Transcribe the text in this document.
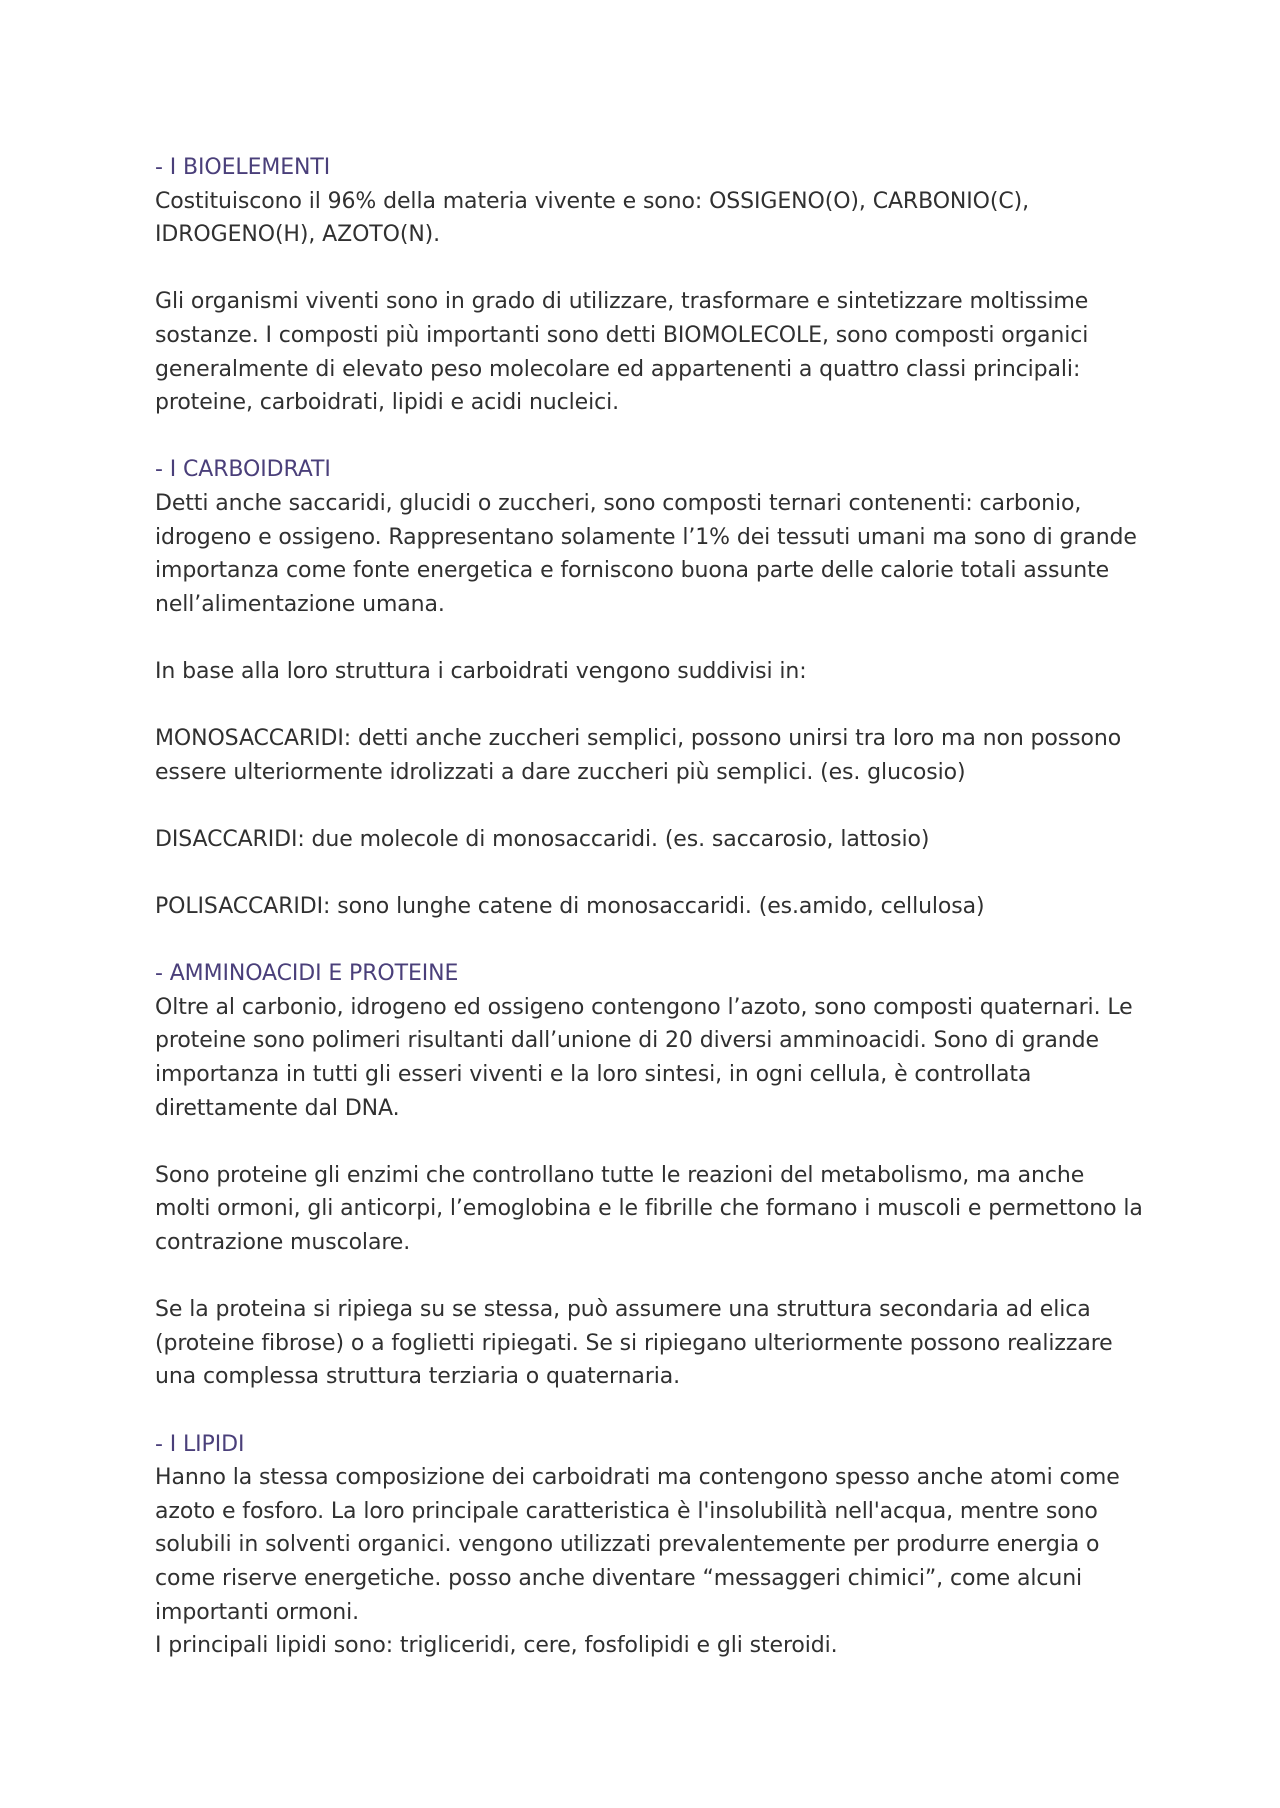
- I BIOELEMENTI

Costituiscono il 96% della materia vivente e sono: OSSIGENO(O), CARBONIO(C), IDROGENO(H), AZOTO(N).

Gli organismi viventi sono in grado di utilizzare, trasformare e sintetizzare moltissime sostanze. I composti più importanti sono detti BIOMOLECOLE, sono composti organici generalmente di elevato peso molecolare ed appartenenti a quattro classi principali: proteine, carboidrati, lipidi e acidi nucleici.

- I CARBOIDRATI

Detti anche saccaridi, glucidi o zuccheri, sono composti ternari contenenti: carbonio, idrogeno e ossigeno. Rappresentano solamente l’1% dei tessuti umani ma sono di grande importanza come fonte energetica e forniscono buona parte delle calorie totali assunte nell’alimentazione umana.

In base alla loro struttura i carboidrati vengono suddivisi in:

MONOSACCARIDI: detti anche zuccheri semplici, possono unirsi tra loro ma non possono essere ulteriormente idrolizzati a dare zuccheri più semplici. (es. glucosio)

DISACCARIDI: due molecole di monosaccaridi. (es. saccarosio, lattosio)

POLISACCARIDI: sono lunghe catene di monosaccaridi. (es.amido, cellulosa)

- AMMINOACIDI E PROTEINE

Oltre al carbonio, idrogeno ed ossigeno contengono l’azoto, sono composti quaternari. Le proteine sono polimeri risultanti dall’unione di 20 diversi amminoacidi. Sono di grande importanza in tutti gli esseri viventi e la loro sintesi, in ogni cellula, è controllata direttamente dal DNA.

Sono proteine gli enzimi che controllano tutte le reazioni del metabolismo, ma anche molti ormoni, gli anticorpi, l’emoglobina e le fibrille che formano i muscoli e permettono la contrazione muscolare.

Se la proteina si ripiega su se stessa, può assumere una struttura secondaria ad elica (proteine fibrose) o a foglietti ripiegati. Se si ripiegano ulteriormente possono realizzare una complessa struttura terziaria o quaternaria.

- I LIPIDI

Hanno la stessa composizione dei carboidrati ma contengono spesso anche atomi come azoto e fosforo. La loro principale caratteristica è l'insolubilità nell'acqua, mentre sono solubili in solventi organici. vengono utilizzati prevalentemente per produrre energia o come riserve energetiche. posso anche diventare “messaggeri chimici”, come alcuni importanti ormoni.

I principali lipidi sono: trigliceridi, cere, fosfolipidi e gli steroidi.
